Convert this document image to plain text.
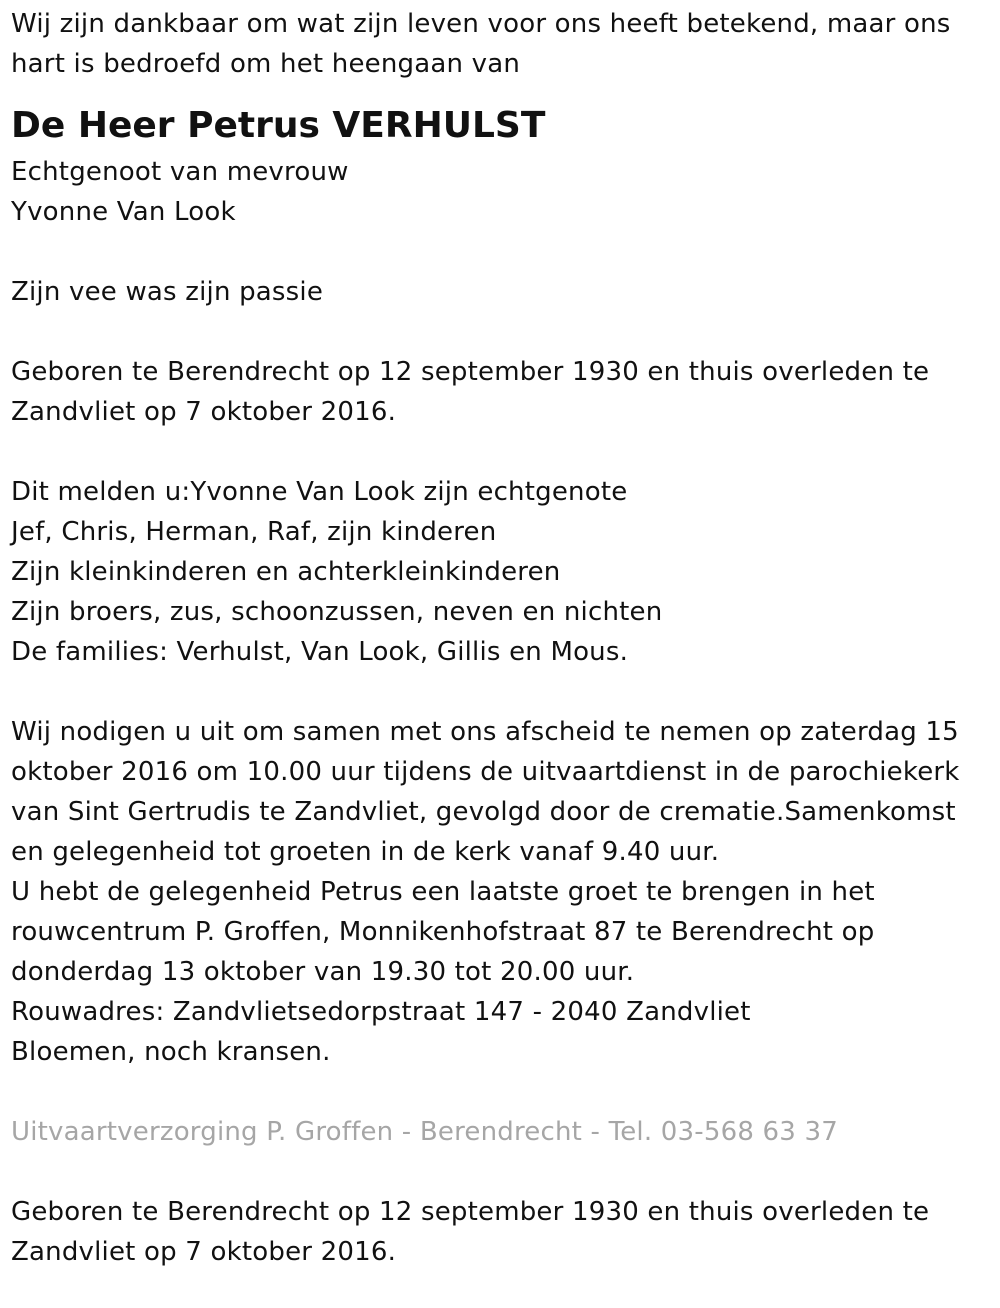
Wij zijn dankbaar om wat zijn leven voor ons heeft betekend, maar ons
hart is bedroefd om het heengaan van
De Heer Petrus VERHULST
Echtgenoot van mevrouw
Yvonne Van Look
Zijn vee was zijn passie
Geboren te Berendrecht op 12 september 1930 en thuis overleden te
Zandvliet op 7 oktober 2016.
Dit melden u:Yvonne Van Look zijn echtgenote
Jef, Chris, Herman, Raf, zijn kinderen
Zijn kleinkinderen en achterkleinkinderen
Zijn broers, zus, schoonzussen, neven en nichten
De families: Verhulst, Van Look, Gillis en Mous.
Wij nodigen u uit om samen met ons afscheid te nemen op zaterdag 15
oktober 2016 om 10.00 uur tijdens de uitvaartdienst in de parochiekerk
van Sint Gertrudis te Zandvliet, gevolgd door de crematie.Samenkomst
en gelegenheid tot groeten in de kerk vanaf 9.40 uur.
U hebt de gelegenheid Petrus een laatste groet te brengen in het
rouwcentrum P. Groffen, Monnikenhofstraat 87 te Berendrecht op
donderdag 13 oktober van 19.30 tot 20.00 uur.
Rouwadres: Zandvlietsedorpstraat 147 - 2040 Zandvliet
Bloemen, noch kransen.
Uitvaartverzorging P. Groffen - Berendrecht - Tel. 03-568 63 37
Geboren te Berendrecht op 12 september 1930 en thuis overleden te
Zandvliet op 7 oktober 2016.
